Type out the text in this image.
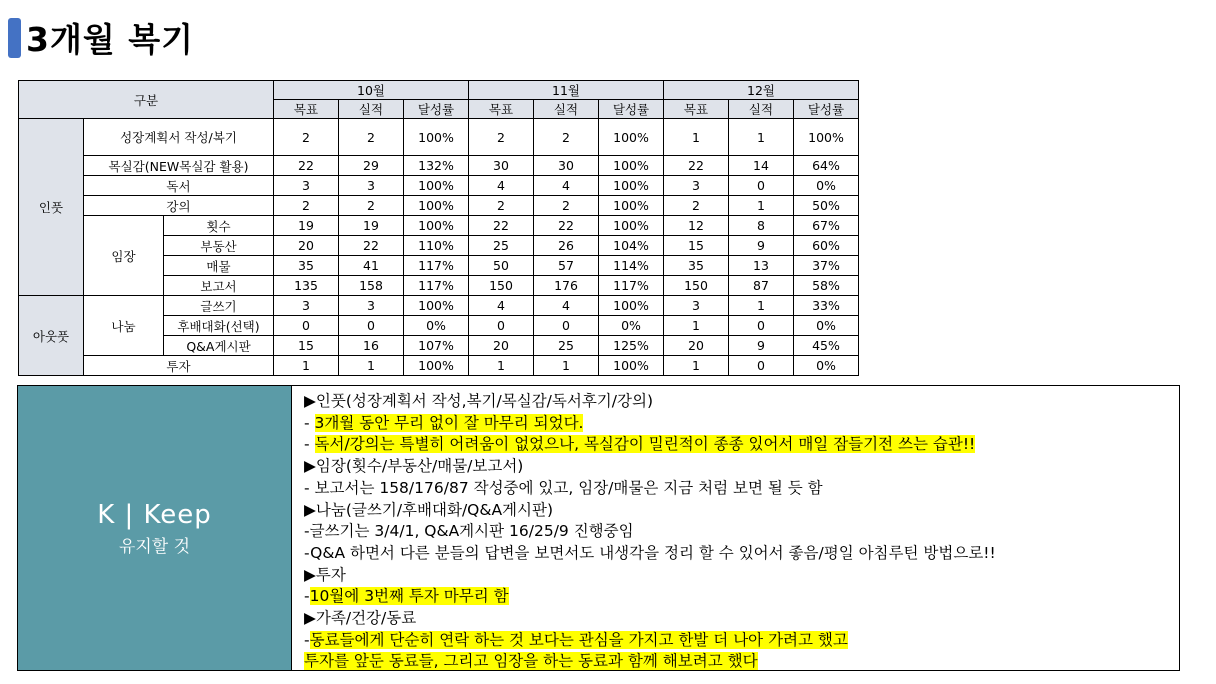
3개월 복기
구분			10월			11월			12월		
			목표	실적	달성률	목표	실적	달성률	목표	실적	달성률
인풋	성장계획서 작성/복기		2	2	100%	2	2	100%	1	1	100%
	목실감(NEW목실감 활용)		22	29	132%	30	30	100%	22	14	64%
	독서		3	3	100%	4	4	100%	3	0	0%
	강의		2	2	100%	2	2	100%	2	1	50%
	임장	횟수	19	19	100%	22	22	100%	12	8	67%
		부동산	20	22	110%	25	26	104%	15	9	60%
		매물	35	41	117%	50	57	114%	35	13	37%
		보고서	135	158	117%	150	176	117%	150	87	58%
아웃풋	나눔	글쓰기	3	3	100%	4	4	100%	3	1	33%
		후배대화(선택)	0	0	0%	0	0	0%	1	0	0%
		Q&A게시판	15	16	107%	20	25	125%	20	9	45%
	투자		1	1	100%	1	1	100%	1	0	0%
K | Keep
유지할 것
▶인풋(성장계획서 작성,복기/목실감/독서후기/강의)
- 3개월 동안 무리 없이 잘 마무리 되었다.
- 독서/강의는 특별히 어려움이 없었으나, 목실감이 밀린적이 종종 있어서 매일 잠들기전 쓰는 습관!!
▶임장(횟수/부동산/매물/보고서)
- 보고서는 158/176/87 작성중에 있고, 임장/매물은 지금 처럼 보면 될 듯 함
▶나눔(글쓰기/후배대화/Q&A게시판)
-글쓰기는 3/4/1, Q&A게시판 16/25/9 진행중임
-Q&A 하면서 다른 분들의 답변을 보면서도 내생각을 정리 할 수 있어서 좋음/평일 아침루틴 방법으로!!
▶투자
-10월에 3번째 투자 마무리 함
▶가족/건강/동료
-동료들에게 단순히 연락 하는 것 보다는 관심을 가지고 한발 더 나아 가려고 했고
투자를 앞둔 동료들, 그리고 임장을 하는 동료과 함께 해보려고 했다
